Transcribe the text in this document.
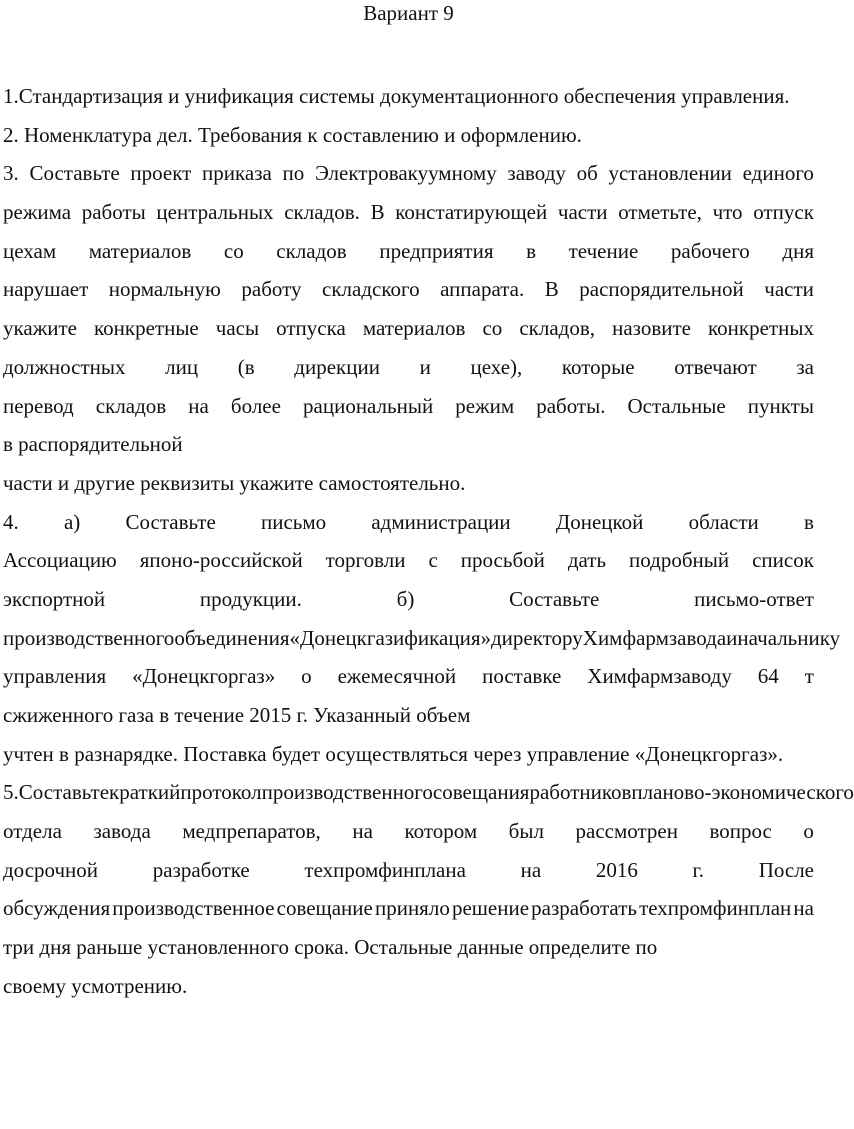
Вариант 9
1.Стандартизация и унификация системы документационного обеспечения управления.
2. Номенклатура дел. Требования к составлению и оформлению.
3. Составьте проект приказа по Электровакуумному заводу об установлении единого
режима работы центральных складов. В констатирующей части отметьте, что отпуск
цехам материалов со складов предприятия в течение рабочего дня
нарушает нормальную работу складского аппарата. В распорядительной части
укажите конкретные часы отпуска материалов со складов, назовите конкретных
должностных лиц (в дирекции и цехе), которые отвечают за
перевод складов на более рациональный режим работы. Остальные пункты
в распорядительной
части и другие реквизиты укажите самостоятельно.
4. а) Составьте письмо администрации Донецкой области в
Ассоциацию японо-российской торговли с просьбой дать подробный список
экспортной	продукции.	б)	Составьте	письмо-ответ
производственного объединения «Донецкгазификация» директору Химфармзавода и начальнику
управления «Донецкгоргаз» о ежемесячной поставке Химфармзаводу 64 т
сжиженного газа в течение 2015 г. Указанный объем
учтен в разнарядке. Поставка будет осуществляться через управление «Донецкгоргаз».
5. Составьте краткий протокол производственного совещания работников планово-экономического
отдела завода медпрепаратов, на котором был рассмотрен вопрос о
досрочной	разработке	техпромфинплана	на	2016	г.	После
обсуждения производственное совещание приняло решение разработать техпромфинплан на
три дня раньше установленного срока. Остальные данные определите по
своему усмотрению.
